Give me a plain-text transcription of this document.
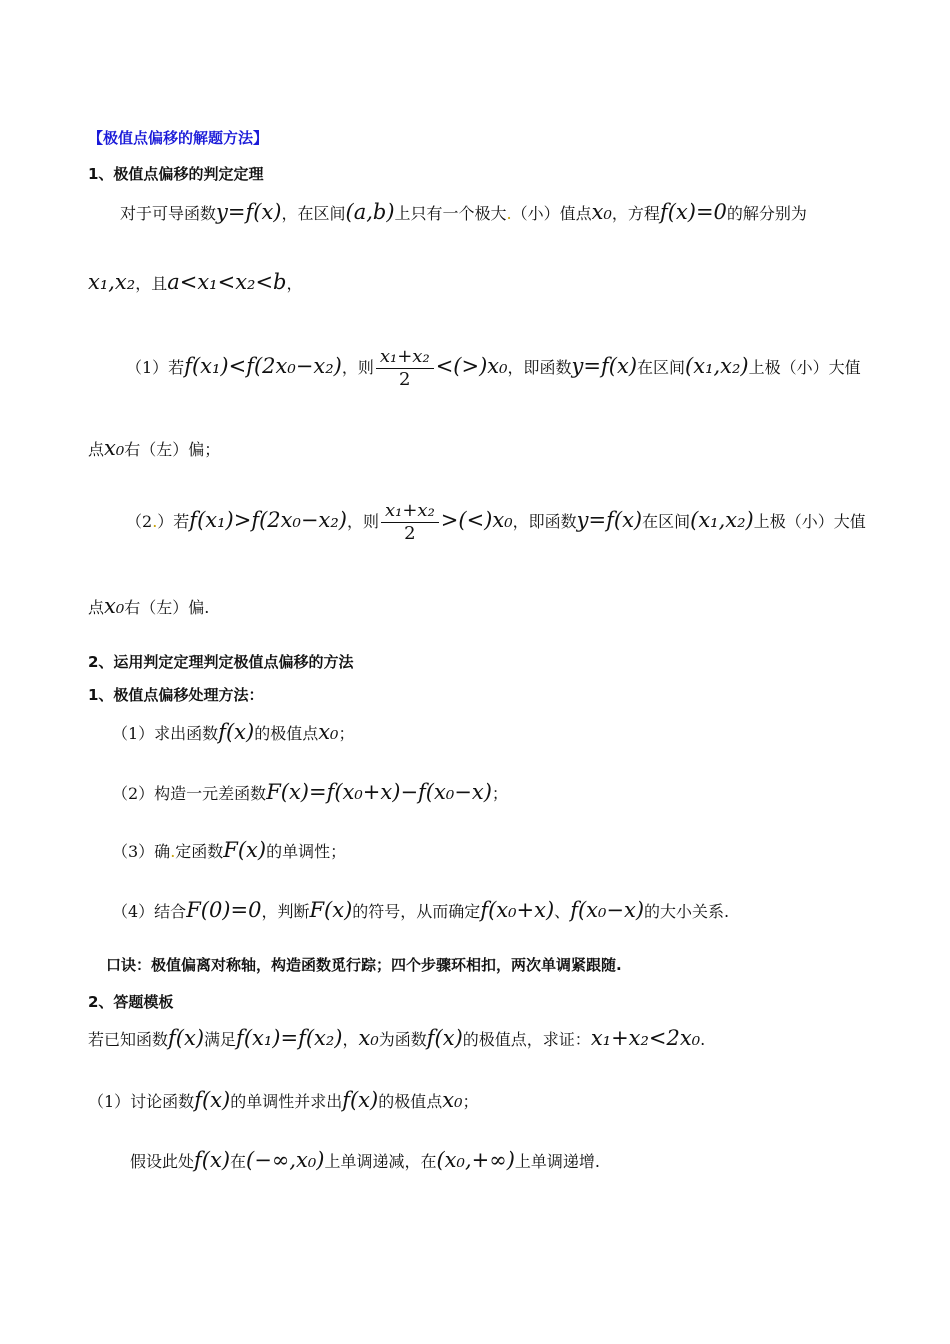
【极值点偏移的解题方法】
1、极值点偏移的判定定理
对于可导函数y=f(x)，在区间(a,b)上只有一个极大.（小）值点x₀，方程f(x)=0的解分别为
x₁,x₂，且a<x₁<x₂<b，
（1）若f(x₁)<f(2x₀−x₂)，则 $\frac{\text{x₁+x₂}}{2} <(>)x_0$，即函数y=f(x)在区间(x₁,x₂)上极（小）大值
点x₀右（左）偏；
（2.）若f(x₁)>f(2x₀−x₂)，则 $\frac{\text{x₁+x₂}}{2} >(<)x_0$，即函数y=f(x)在区间(x₁,x₂)上极（小）大值
点x₀右（左）偏.
2、运用判定定理判定极值点偏移的方法
1、极值点偏移处理方法：
（1）求出函数f(x)的极值点x₀；
（2）构造一元差函数F(x)=f(x₀+x)−f(x₀−x)；
（3）确.定函数F(x)的单调性；
（4）结合F(0)=0，判断F(x)的符号，从而确定f(x₀+x)、f(x₀−x)的大小关系.
口诀：极值偏离对称轴，构造函数觅行踪；四个步骤环相扣，两次单调紧跟随.
2、答题模板
若已知函数f(x)满足f(x₁)=f(x₂)，x₀为函数f(x)的极值点，求证：x₁+x₂<2x₀.
（1）讨论函数f(x)的单调性并求出f(x)的极值点x₀；
假设此处f(x)在(−∞,x₀)上单调递减，在(x₀,+∞)上单调递增.
